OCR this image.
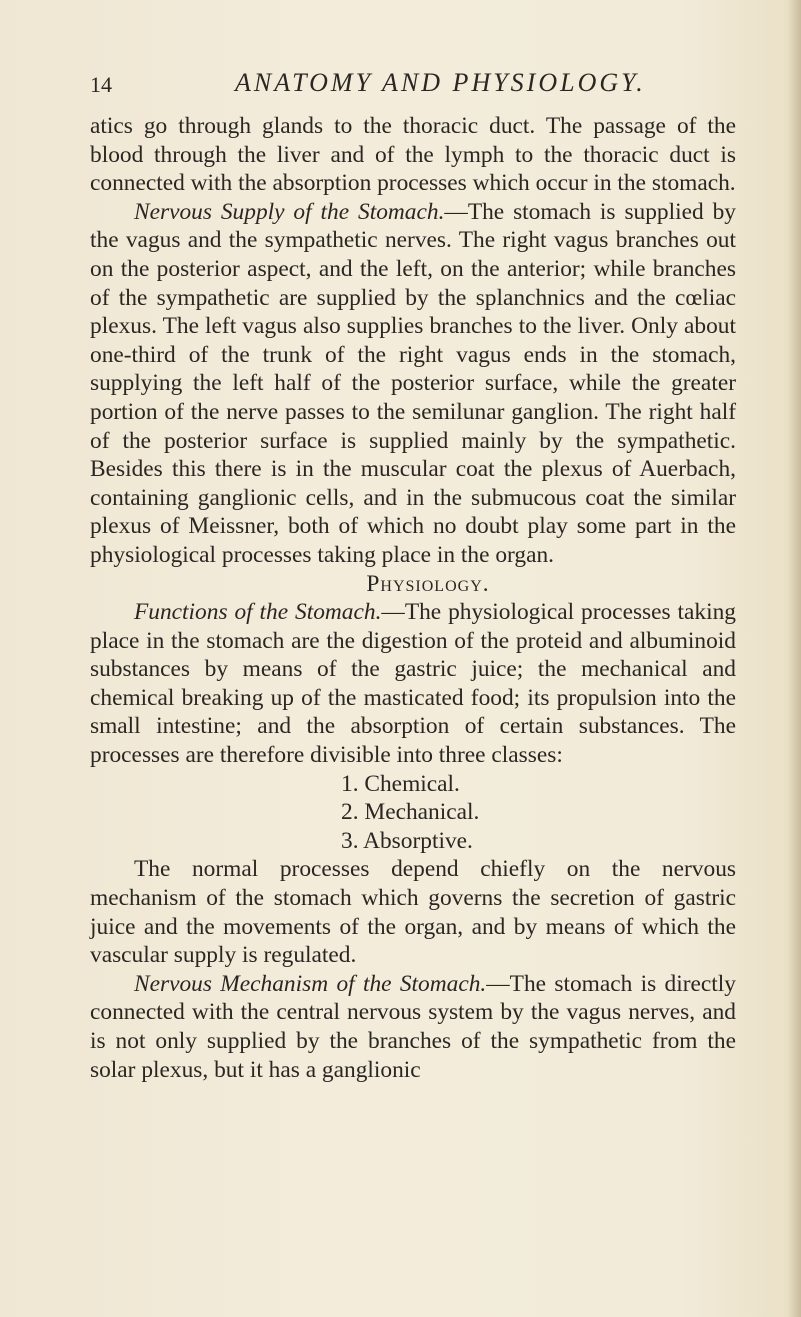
14	ANATOMY AND PHYSIOLOGY.

atics go through glands to the thoracic duct. The passage of the blood through the liver and of the lymph to the thoracic duct is connected with the absorption processes which occur in the stomach.

Nervous Supply of the Stomach.—The stomach is supplied by the vagus and the sympathetic nerves. The right vagus branches out on the posterior aspect, and the left, on the anterior; while branches of the sympathetic are supplied by the splanchnics and the cœliac plexus. The left vagus also supplies branches to the liver. Only about one-third of the trunk of the right vagus ends in the stomach, supplying the left half of the posterior surface, while the greater portion of the nerve passes to the semilunar ganglion. The right half of the posterior surface is supplied mainly by the sympathetic. Besides this there is in the muscular coat the plexus of Auerbach, containing ganglionic cells, and in the submucous coat the similar plexus of Meissner, both of which no doubt play some part in the physiological processes taking place in the organ.

Physiology.

Functions of the Stomach.—The physiological processes taking place in the stomach are the digestion of the proteid and albuminoid substances by means of the gastric juice; the mechanical and chemical breaking up of the masticated food; its propulsion into the small intestine; and the absorption of certain substances. The processes are therefore divisible into three classes:

1. Chemical.
2. Mechanical.
3. Absorptive.

The normal processes depend chiefly on the nervous mechanism of the stomach which governs the secretion of gastric juice and the movements of the organ, and by means of which the vascular supply is regulated.

Nervous Mechanism of the Stomach.—The stomach is directly connected with the central nervous system by the vagus nerves, and is not only supplied by the branches of the sympathetic from the solar plexus, but it has a ganglionic
